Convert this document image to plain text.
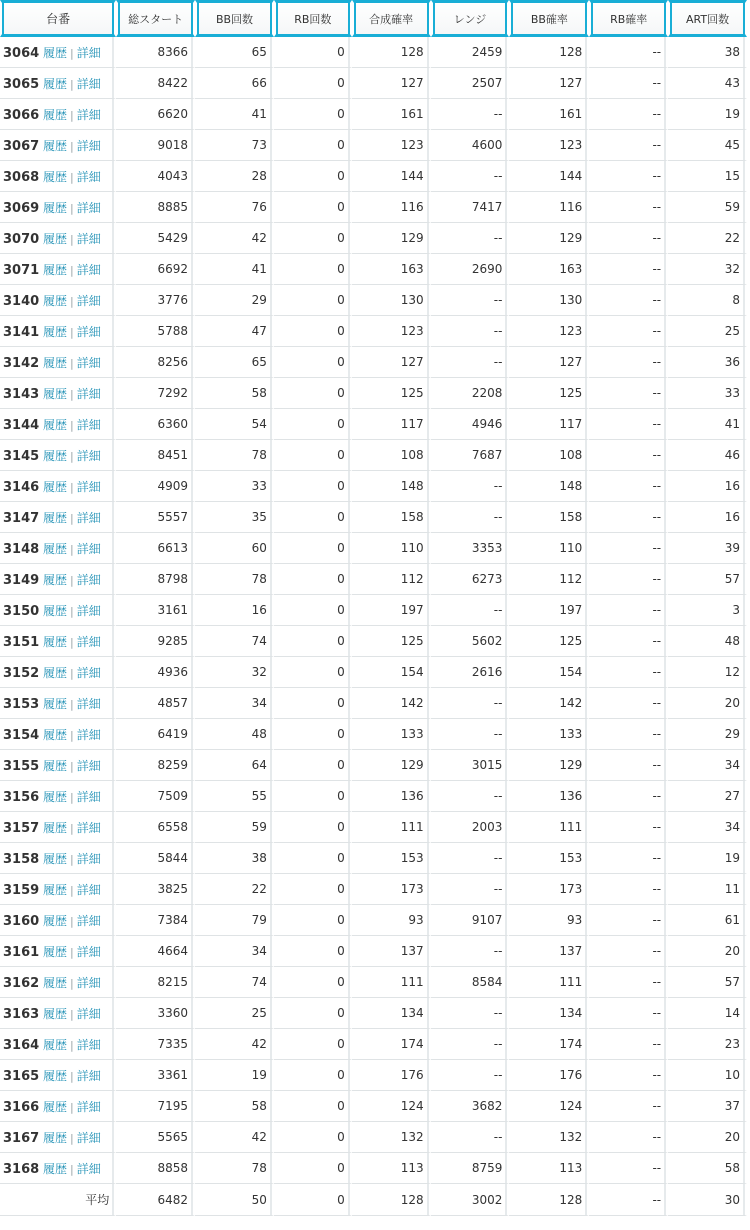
台番	総スタート	BB回数	RB回数	合成確率	レンジ	BB確率	RB確率	ART回数
3064 履歴 | 詳細	8366	65	0	128	2459	128	--	38
3065 履歴 | 詳細	8422	66	0	127	2507	127	--	43
3066 履歴 | 詳細	6620	41	0	161	--	161	--	19
3067 履歴 | 詳細	9018	73	0	123	4600	123	--	45
3068 履歴 | 詳細	4043	28	0	144	--	144	--	15
3069 履歴 | 詳細	8885	76	0	116	7417	116	--	59
3070 履歴 | 詳細	5429	42	0	129	--	129	--	22
3071 履歴 | 詳細	6692	41	0	163	2690	163	--	32
3140 履歴 | 詳細	3776	29	0	130	--	130	--	8
3141 履歴 | 詳細	5788	47	0	123	--	123	--	25
3142 履歴 | 詳細	8256	65	0	127	--	127	--	36
3143 履歴 | 詳細	7292	58	0	125	2208	125	--	33
3144 履歴 | 詳細	6360	54	0	117	4946	117	--	41
3145 履歴 | 詳細	8451	78	0	108	7687	108	--	46
3146 履歴 | 詳細	4909	33	0	148	--	148	--	16
3147 履歴 | 詳細	5557	35	0	158	--	158	--	16
3148 履歴 | 詳細	6613	60	0	110	3353	110	--	39
3149 履歴 | 詳細	8798	78	0	112	6273	112	--	57
3150 履歴 | 詳細	3161	16	0	197	--	197	--	3
3151 履歴 | 詳細	9285	74	0	125	5602	125	--	48
3152 履歴 | 詳細	4936	32	0	154	2616	154	--	12
3153 履歴 | 詳細	4857	34	0	142	--	142	--	20
3154 履歴 | 詳細	6419	48	0	133	--	133	--	29
3155 履歴 | 詳細	8259	64	0	129	3015	129	--	34
3156 履歴 | 詳細	7509	55	0	136	--	136	--	27
3157 履歴 | 詳細	6558	59	0	111	2003	111	--	34
3158 履歴 | 詳細	5844	38	0	153	--	153	--	19
3159 履歴 | 詳細	3825	22	0	173	--	173	--	11
3160 履歴 | 詳細	7384	79	0	93	9107	93	--	61
3161 履歴 | 詳細	4664	34	0	137	--	137	--	20
3162 履歴 | 詳細	8215	74	0	111	8584	111	--	57
3163 履歴 | 詳細	3360	25	0	134	--	134	--	14
3164 履歴 | 詳細	7335	42	0	174	--	174	--	23
3165 履歴 | 詳細	3361	19	0	176	--	176	--	10
3166 履歴 | 詳細	7195	58	0	124	3682	124	--	37
3167 履歴 | 詳細	5565	42	0	132	--	132	--	20
3168 履歴 | 詳細	8858	78	0	113	8759	113	--	58
平均	6482	50	0	128	3002	128	--	30
